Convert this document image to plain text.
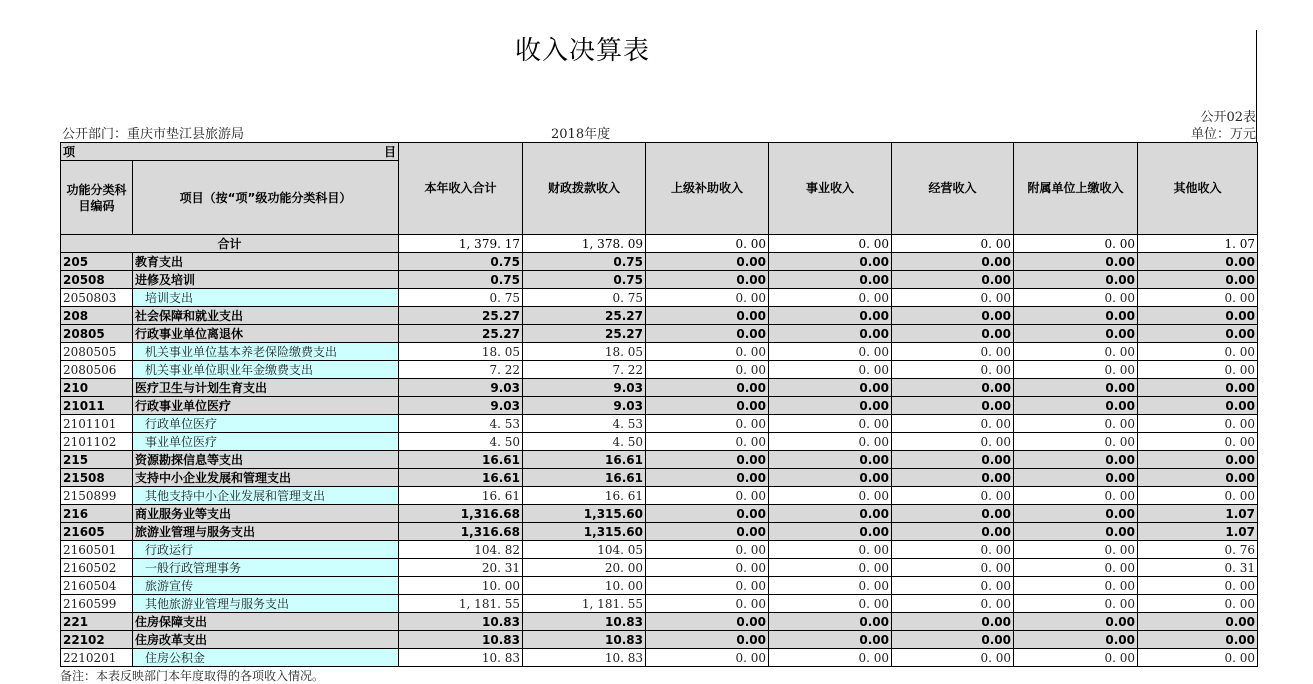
收入决算表
公开部门：重庆市垫江县旅游局	2018年度
公开02表
单位：万元
项 目		本年收入合计	财政拨款收入	上级补助收入	事业收入	经营收入	附属单位上缴收入	其他收入
功能分类科目编码	项目（按“项”级功能分类科目）							
合计		1, 379. 17	1, 378. 09	0. 00	0. 00	0. 00	0. 00	1. 07
205	教育支出	0.75	0.75	0.00	0.00	0.00	0.00	0.00
20508	进修及培训	0.75	0.75	0.00	0.00	0.00	0.00	0.00
2050803	培训支出	0. 75	0. 75	0. 00	0. 00	0. 00	0. 00	0. 00
208	社会保障和就业支出	25.27	25.27	0.00	0.00	0.00	0.00	0.00
20805	行政事业单位离退休	25.27	25.27	0.00	0.00	0.00	0.00	0.00
2080505	机关事业单位基本养老保险缴费支出	18. 05	18. 05	0. 00	0. 00	0. 00	0. 00	0. 00
2080506	机关事业单位职业年金缴费支出	7. 22	7. 22	0. 00	0. 00	0. 00	0. 00	0. 00
210	医疗卫生与计划生育支出	9.03	9.03	0.00	0.00	0.00	0.00	0.00
21011	行政事业单位医疗	9.03	9.03	0.00	0.00	0.00	0.00	0.00
2101101	行政单位医疗	4. 53	4. 53	0. 00	0. 00	0. 00	0. 00	0. 00
2101102	事业单位医疗	4. 50	4. 50	0. 00	0. 00	0. 00	0. 00	0. 00
215	资源勘探信息等支出	16.61	16.61	0.00	0.00	0.00	0.00	0.00
21508	支持中小企业发展和管理支出	16.61	16.61	0.00	0.00	0.00	0.00	0.00
2150899	其他支持中小企业发展和管理支出	16. 61	16. 61	0. 00	0. 00	0. 00	0. 00	0. 00
216	商业服务业等支出	1,316.68	1,315.60	0.00	0.00	0.00	0.00	1.07
21605	旅游业管理与服务支出	1,316.68	1,315.60	0.00	0.00	0.00	0.00	1.07
2160501	行政运行	104. 82	104. 05	0. 00	0. 00	0. 00	0. 00	0. 76
2160502	一般行政管理事务	20. 31	20. 00	0. 00	0. 00	0. 00	0. 00	0. 31
2160504	旅游宣传	10. 00	10. 00	0. 00	0. 00	0. 00	0. 00	0. 00
2160599	其他旅游业管理与服务支出	1, 181. 55	1, 181. 55	0. 00	0. 00	0. 00	0. 00	0. 00
221	住房保障支出	10.83	10.83	0.00	0.00	0.00	0.00	0.00
22102	住房改革支出	10.83	10.83	0.00	0.00	0.00	0.00	0.00
2210201	住房公积金	10. 83	10. 83	0. 00	0. 00	0. 00	0. 00	0. 00
备注：本表反映部门本年度取得的各项收入情况。
